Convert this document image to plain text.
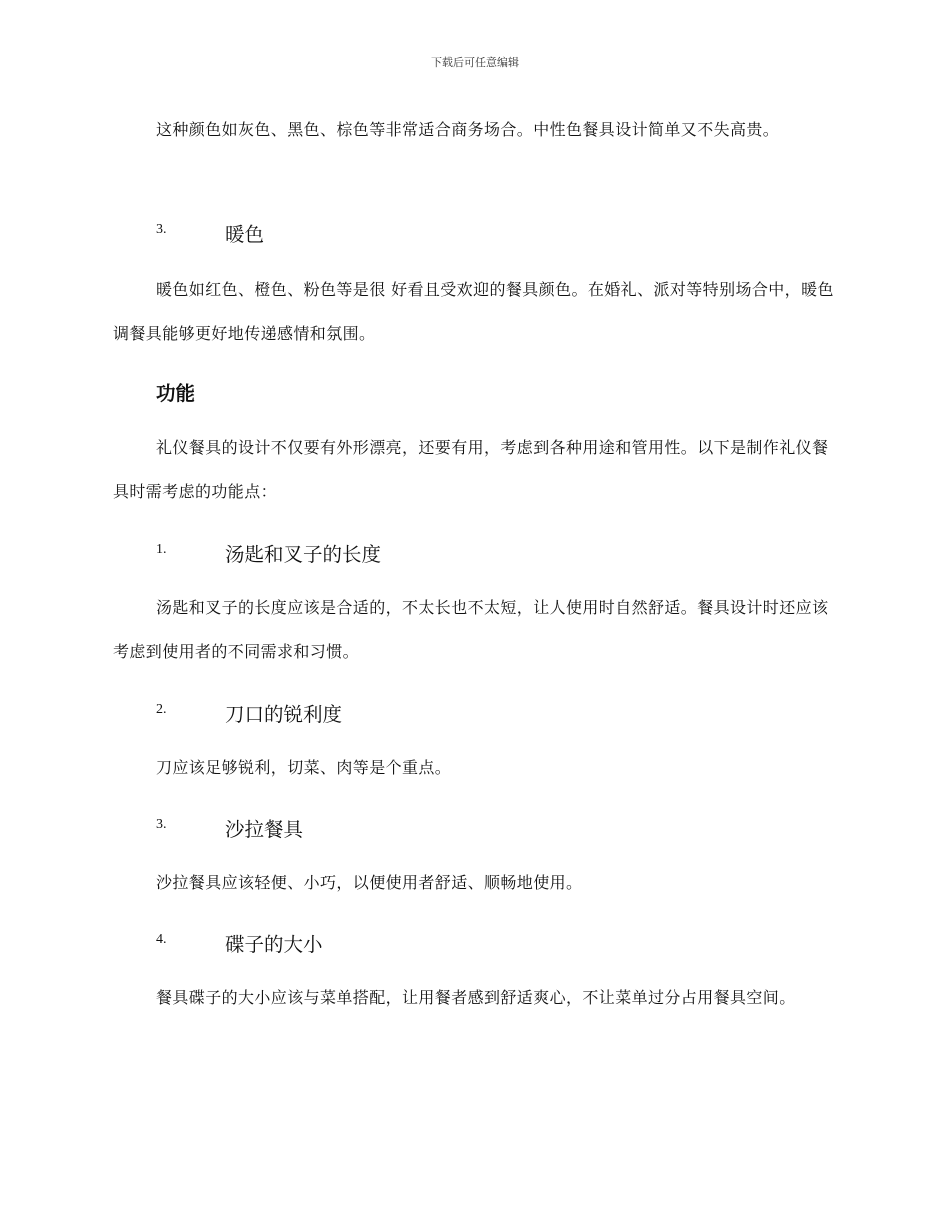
下载后可任意编辑

这种颜色如灰色、黑色、棕色等非常适合商务场合。中性色餐具设计简单又不失高贵。

3.	暖色

暖色如红色、橙色、粉色等是很 好看且受欢迎的餐具颜色。在婚礼、派对等特别场合中，暖色调餐具能够更好地传递感情和氛围。

功能

礼仪餐具的设计不仅要有外形漂亮，还要有用，考虑到各种用途和管用性。以下是制作礼仪餐具时需考虑的功能点：

1.	汤匙和叉子的长度

汤匙和叉子的长度应该是合适的，不太长也不太短，让人使用时自然舒适。餐具设计时还应该考虑到使用者的不同需求和习惯。

2.	刀口的锐利度

刀应该足够锐利，切菜、肉等是个重点。

3.	沙拉餐具

沙拉餐具应该轻便、小巧，以便使用者舒适、顺畅地使用。

4.	碟子的大小

餐具碟子的大小应该与菜单搭配，让用餐者感到舒适爽心，不让菜单过分占用餐具空间。
